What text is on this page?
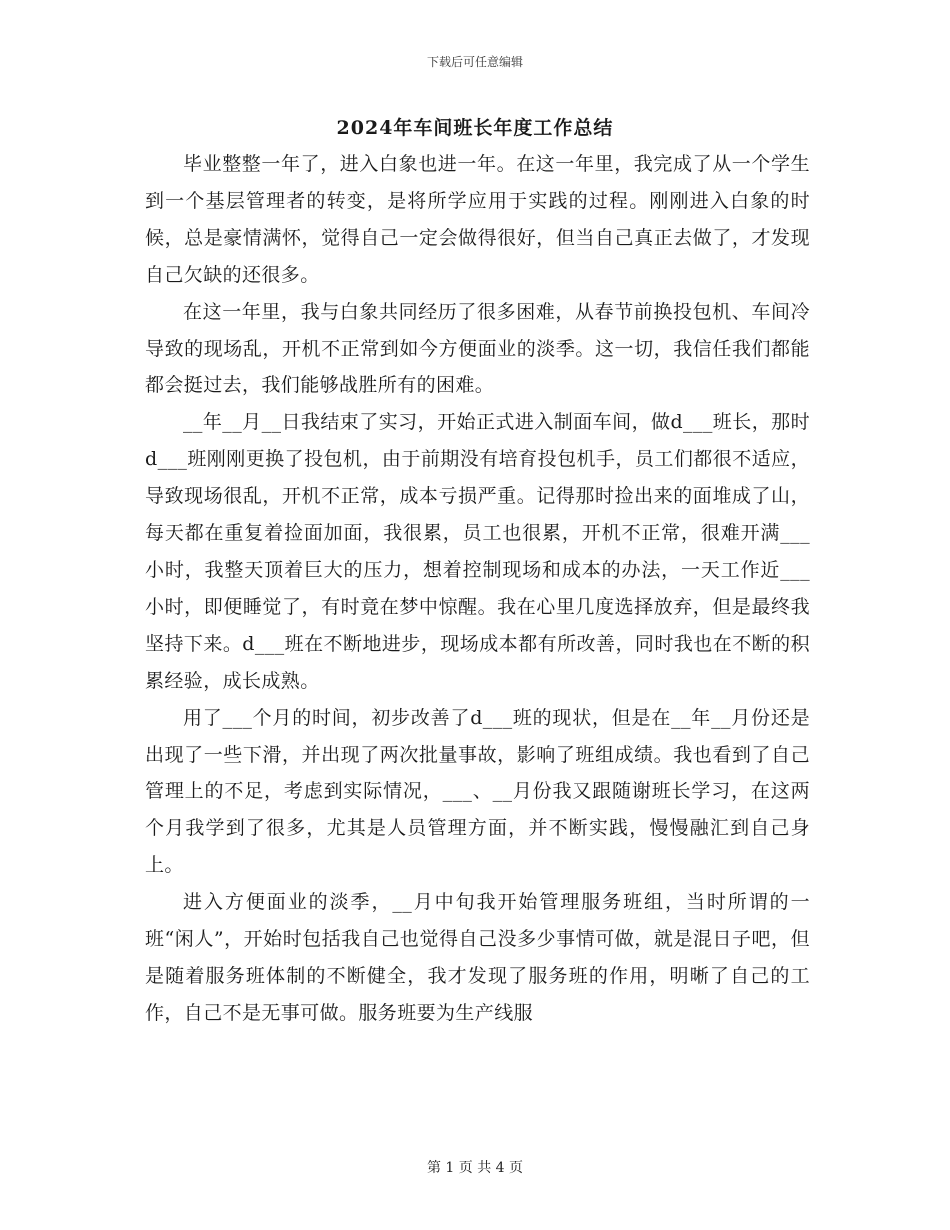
下载后可任意编辑
2024年车间班长年度工作总结

毕业整整一年了，进入白象也进一年。在这一年里，我完成了从一个学生到一个基层管理者的转变，是将所学应用于实践的过程。刚刚进入白象的时候，总是豪情满怀，觉得自己一定会做得很好，但当自己真正去做了，才发现自己欠缺的还很多。

在这一年里，我与白象共同经历了很多困难，从春节前换投包机、车间冷导致的现场乱，开机不正常到如今方便面业的淡季。这一切，我信任我们都能都会挺过去，我们能够战胜所有的困难。

__年__月__日我结束了实习，开始正式进入制面车间，做d___班长，那时d___班刚刚更换了投包机，由于前期没有培育投包机手，员工们都很不适应，导致现场很乱，开机不正常，成本亏损严重。记得那时捡出来的面堆成了山，每天都在重复着捡面加面，我很累，员工也很累，开机不正常，很难开满___小时，我整天顶着巨大的压力，想着控制现场和成本的办法，一天工作近___小时，即便睡觉了，有时竟在梦中惊醒。我在心里几度选择放弃，但是最终我坚持下来。d___班在不断地进步，现场成本都有所改善，同时我也在不断的积累经验，成长成熟。

用了___个月的时间，初步改善了d___班的现状，但是在__年__月份还是出现了一些下滑，并出现了两次批量事故，影响了班组成绩。我也看到了自己管理上的不足，考虑到实际情况，___、__月份我又跟随谢班长学习，在这两个月我学到了很多，尤其是人员管理方面，并不断实践，慢慢融汇到自己身上。

进入方便面业的淡季，__月中旬我开始管理服务班组，当时所谓的一班“闲人”，开始时包括我自己也觉得自己没多少事情可做，就是混日子吧，但是随着服务班体制的不断健全，我才发现了服务班的作用，明晰了自己的工作，自己不是无事可做。服务班要为生产线服

第 1 页 共 4 页
